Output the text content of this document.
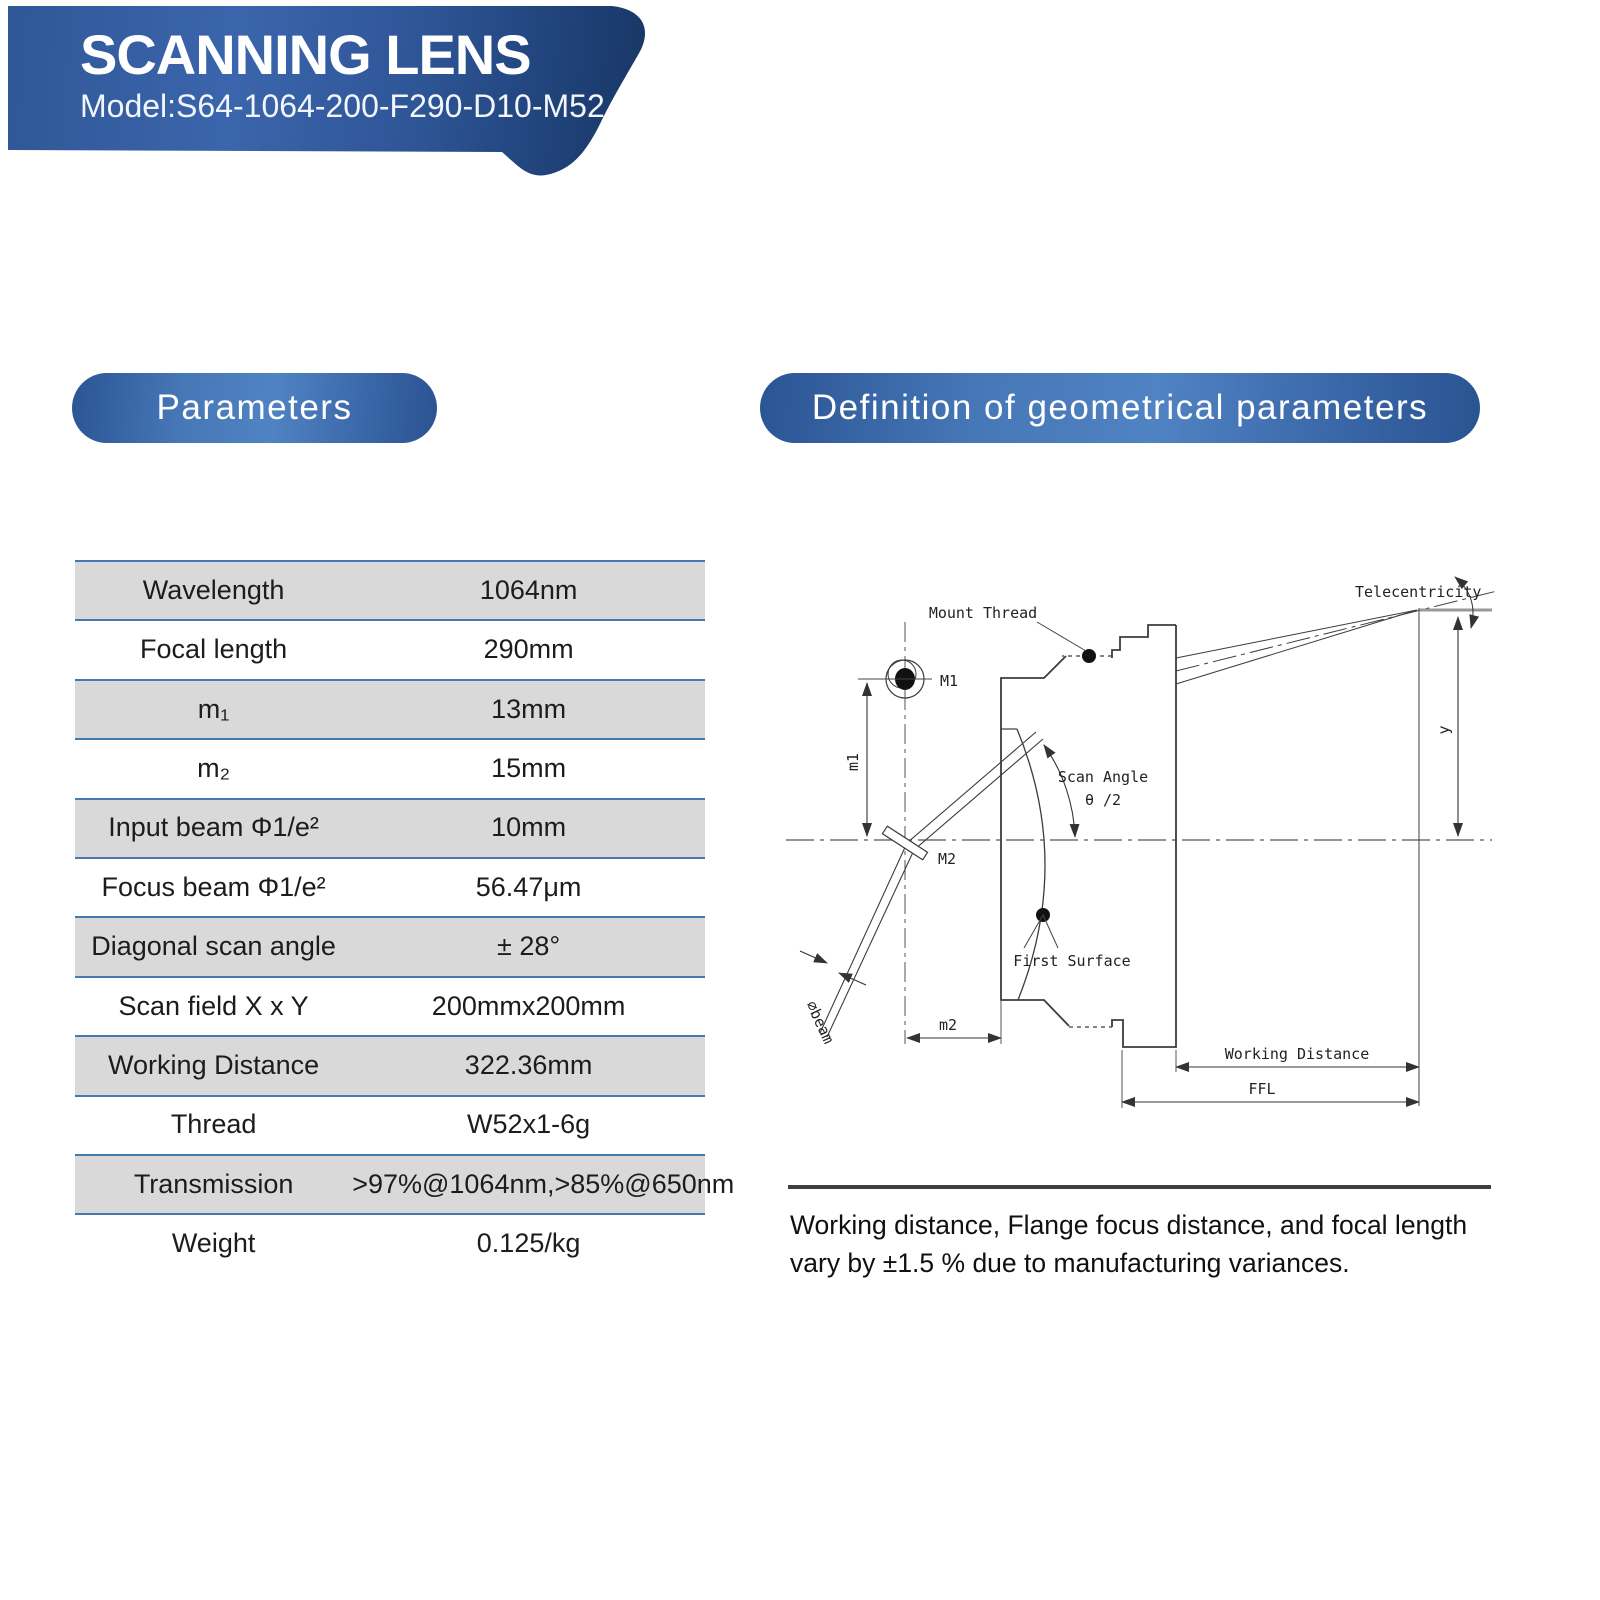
SCANNING LENS
Model:S64-1064-200-F290-D10-M52
Parameters	Definition of geometrical parameters
Wavelength	1064nm
Focal length	290mm
m₁	13mm
m₂	15mm
Input beam Φ1/e²	10mm
Focus beam Φ1/e²	56.47μm
Diagonal scan angle	± 28°
Scan field X x Y	200mmx200mm
Working Distance	322.36mm
Thread	W52x1-6g
Transmission	>97%@1064nm,>85%@650nm
Weight	0.125/kg
M1
m1
⌀beam
M2
Scan Angle
θ /2
Mount Thread
First Surface
Telecentricity
y
m2
Working Distance
FFL
Working distance, Flange focus distance, and focal length
vary by ±1.5 % due to manufacturing variances.
